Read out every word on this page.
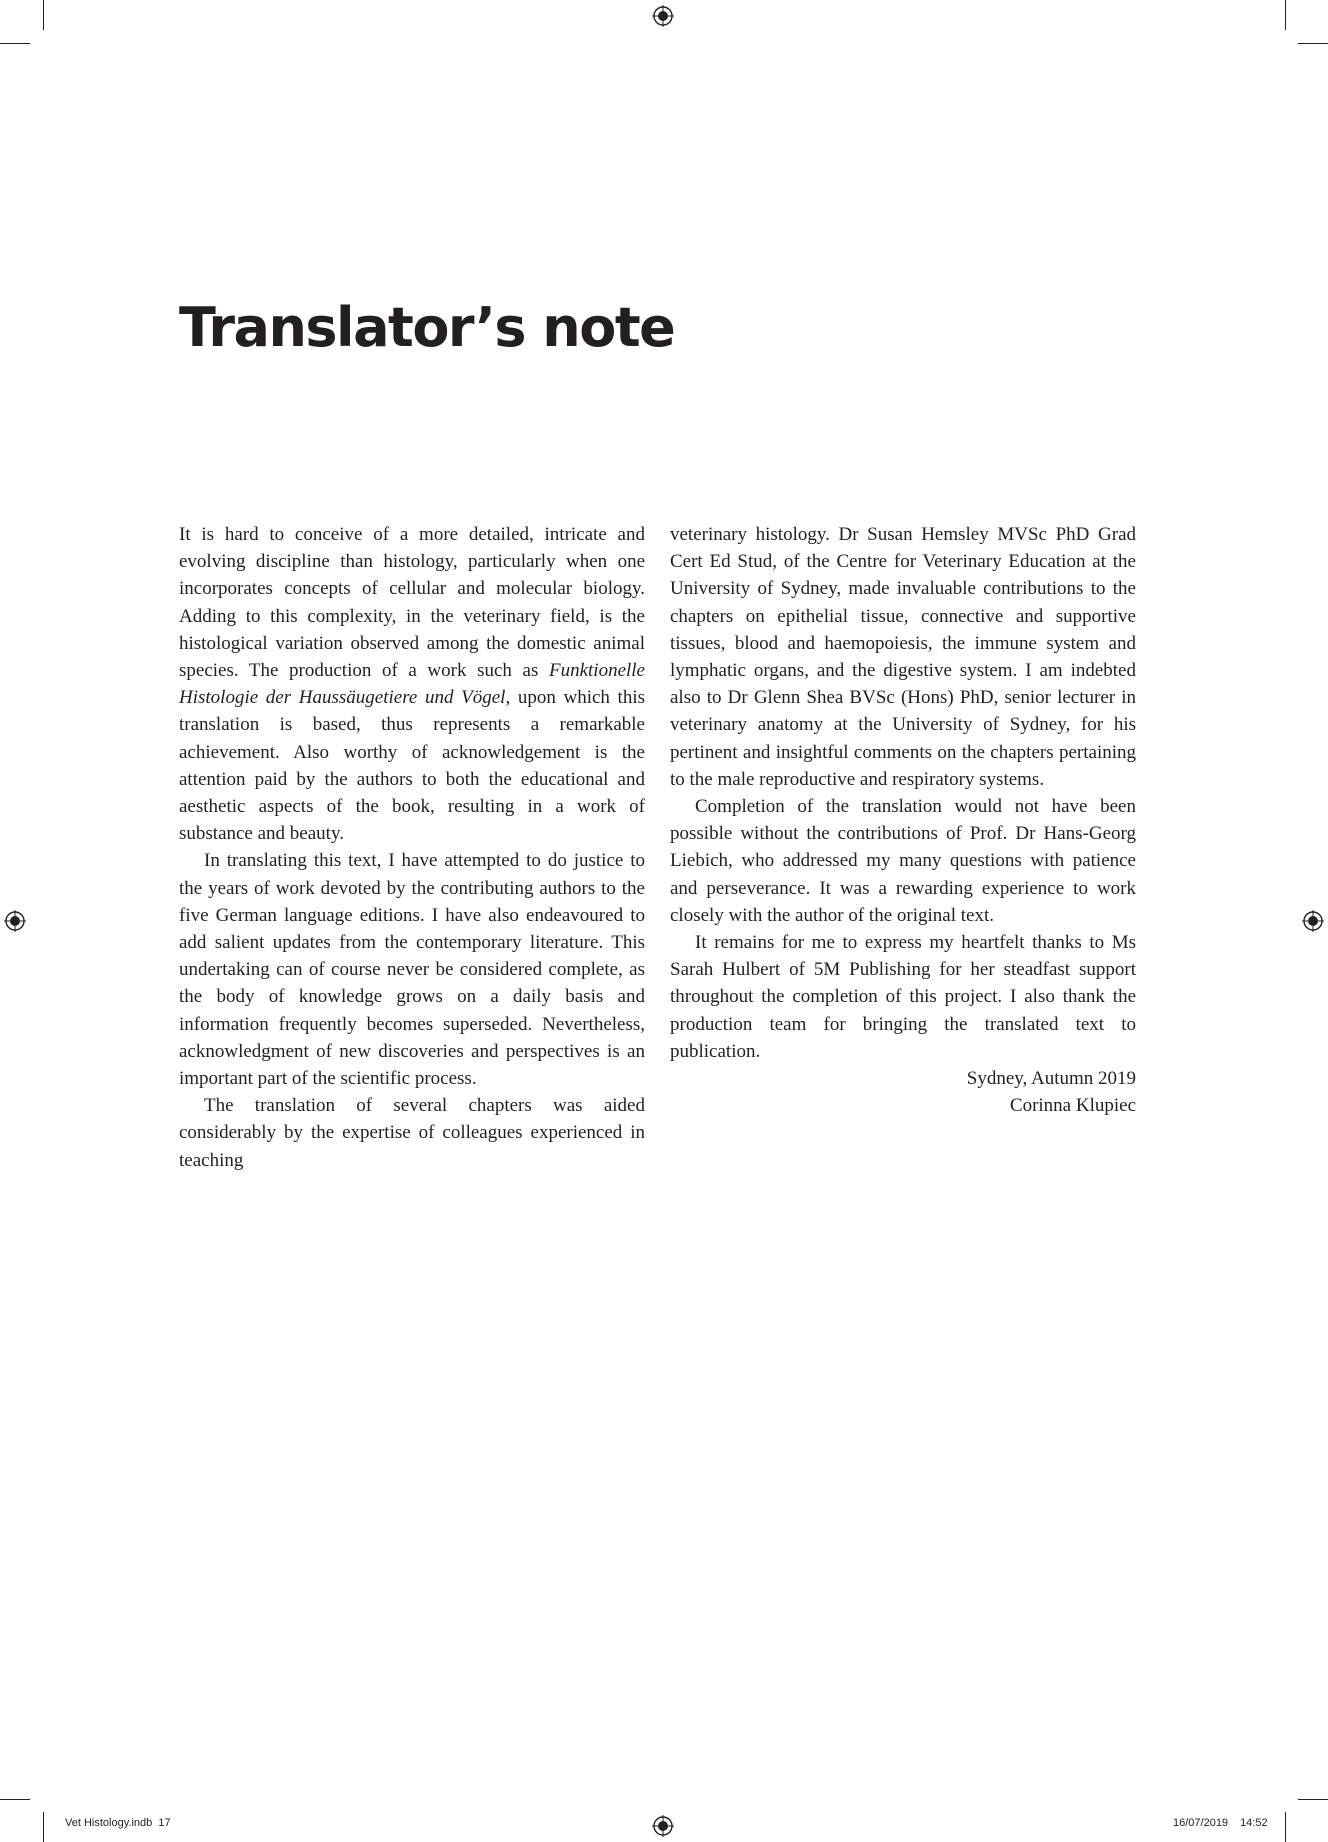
Translator’s note

It is hard to conceive of a more detailed, intricate and evolving discipline than histology, particularly when one incorporates concepts of cellular and molecular biology. Adding to this complexity, in the veterinary field, is the histological variation observed among the domestic animal species. The production of a work such as Funktionelle Histologie der Haussäugetiere und Vögel, upon which this translation is based, thus represents a remarkable achievement. Also worthy of acknowledgement is the attention paid by the authors to both the educational and aesthetic aspects of the book, resulting in a work of substance and beauty.

In translating this text, I have attempted to do justice to the years of work devoted by the contributing authors to the five German language editions. I have also endeavoured to add salient updates from the contemporary literature. This undertaking can of course never be considered complete, as the body of knowledge grows on a daily basis and information frequently becomes superseded. Nevertheless, acknowledgment of new discoveries and perspectives is an important part of the scientific process.

The translation of several chapters was aided considerably by the expertise of colleagues experienced in teaching

veterinary histology. Dr Susan Hemsley MVSc PhD Grad Cert Ed Stud, of the Centre for Veterinary Education at the University of Sydney, made invaluable contributions to the chapters on epithelial tissue, connective and supportive tissues, blood and haemopoiesis, the immune system and lymphatic organs, and the digestive system. I am indebted also to Dr Glenn Shea BVSc (Hons) PhD, senior lecturer in veterinary anatomy at the University of Sydney, for his pertinent and insightful comments on the chapters pertaining to the male reproductive and respiratory systems.

Completion of the translation would not have been possible without the contributions of Prof. Dr Hans-Georg Liebich, who addressed my many questions with patience and perseverance. It was a rewarding experience to work closely with the author of the original text.

It remains for me to express my heartfelt thanks to Ms Sarah Hulbert of 5M Publishing for her steadfast support throughout the completion of this project. I also thank the production team for bringing the translated text to publication.

Sydney, Autumn 2019

Corinna Klupiec

Vet Histology.indb 17	16/07/2019 14:52
